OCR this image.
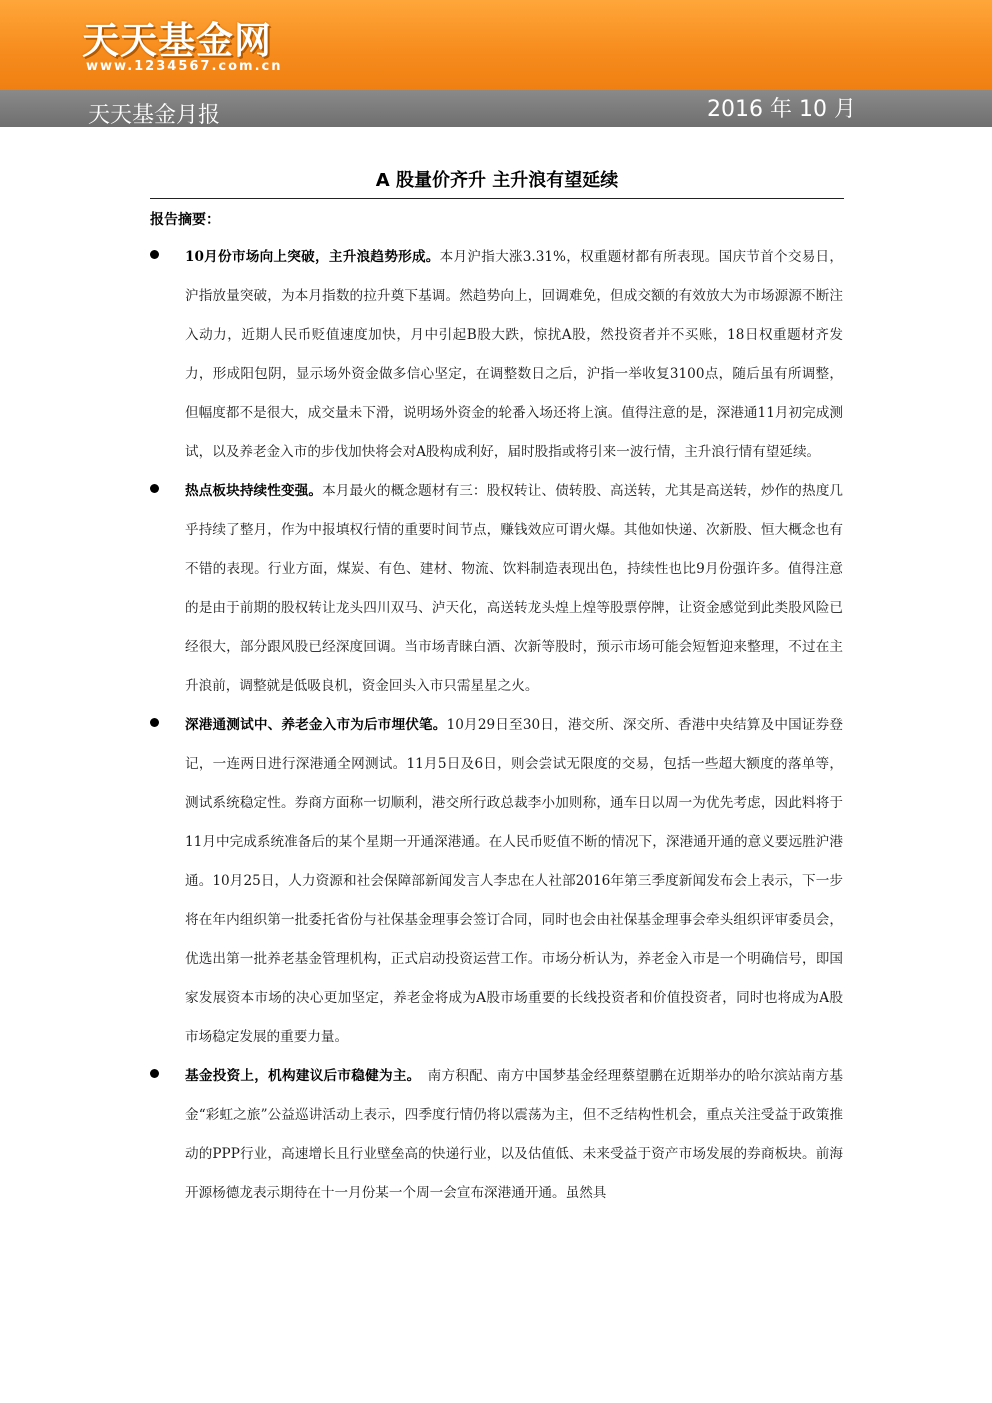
天天基金网
www.1234567.com.cn
天天基金月报	2016 年 10 月
A 股量价齐升 主升浪有望延续
报告摘要：

10月份市场向上突破，主升浪趋势形成。本月沪指大涨3.31%，权重题材都有所表现。国庆节首个交易日，沪指放量突破，为本月指数的拉升奠下基调。然趋势向上，回调难免，但成交额的有效放大为市场源源不断注入动力，近期人民币贬值速度加快，月中引起B股大跌，惊扰A股，然投资者并不买账，18日权重题材齐发力，形成阳包阴，显示场外资金做多信心坚定，在调整数日之后，沪指一举收复3100点，随后虽有所调整，但幅度都不是很大，成交量未下滑，说明场外资金的轮番入场还将上演。值得注意的是，深港通11月初完成测试，以及养老金入市的步伐加快将会对A股构成利好，届时股指或将引来一波行情，主升浪行情有望延续。

热点板块持续性变强。本月最火的概念题材有三：股权转让、债转股、高送转，尤其是高送转，炒作的热度几乎持续了整月，作为中报填权行情的重要时间节点，赚钱效应可谓火爆。其他如快递、次新股、恒大概念也有不错的表现。行业方面，煤炭、有色、建材、物流、饮料制造表现出色，持续性也比9月份强许多。值得注意的是由于前期的股权转让龙头四川双马、泸天化，高送转龙头煌上煌等股票停牌，让资金感觉到此类股风险已经很大，部分跟风股已经深度回调。当市场青睐白酒、次新等股时，预示市场可能会短暂迎来整理，不过在主升浪前，调整就是低吸良机，资金回头入市只需星星之火。

深港通测试中、养老金入市为后市埋伏笔。10月29日至30日，港交所、深交所、香港中央结算及中国证券登记，一连两日进行深港通全网测试。11月5日及6日，则会尝试无限度的交易，包括一些超大额度的落单等，测试系统稳定性。券商方面称一切顺利，港交所行政总裁李小加则称，通车日以周一为优先考虑，因此料将于11月中完成系统准备后的某个星期一开通深港通。在人民币贬值不断的情况下，深港通开通的意义要远胜沪港通。10月25日，人力资源和社会保障部新闻发言人李忠在人社部2016年第三季度新闻发布会上表示，下一步将在年内组织第一批委托省份与社保基金理事会签订合同，同时也会由社保基金理事会牵头组织评审委员会，优选出第一批养老基金管理机构，正式启动投资运营工作。市场分析认为，养老金入市是一个明确信号，即国家发展资本市场的决心更加坚定，养老金将成为A股市场重要的长线投资者和价值投资者，同时也将成为A股市场稳定发展的重要力量。

基金投资上，机构建议后市稳健为主。　南方积配、南方中国梦基金经理蔡望鹏在近期举办的哈尔滨站南方基金“彩虹之旅”公益巡讲活动上表示，四季度行情仍将以震荡为主，但不乏结构性机会，重点关注受益于政策推动的PPP行业，高速增长且行业壁垒高的快递行业，以及估值低、未来受益于资产市场发展的券商板块。前海开源杨德龙表示期待在十一月份某一个周一会宣布深港通开通。虽然具
